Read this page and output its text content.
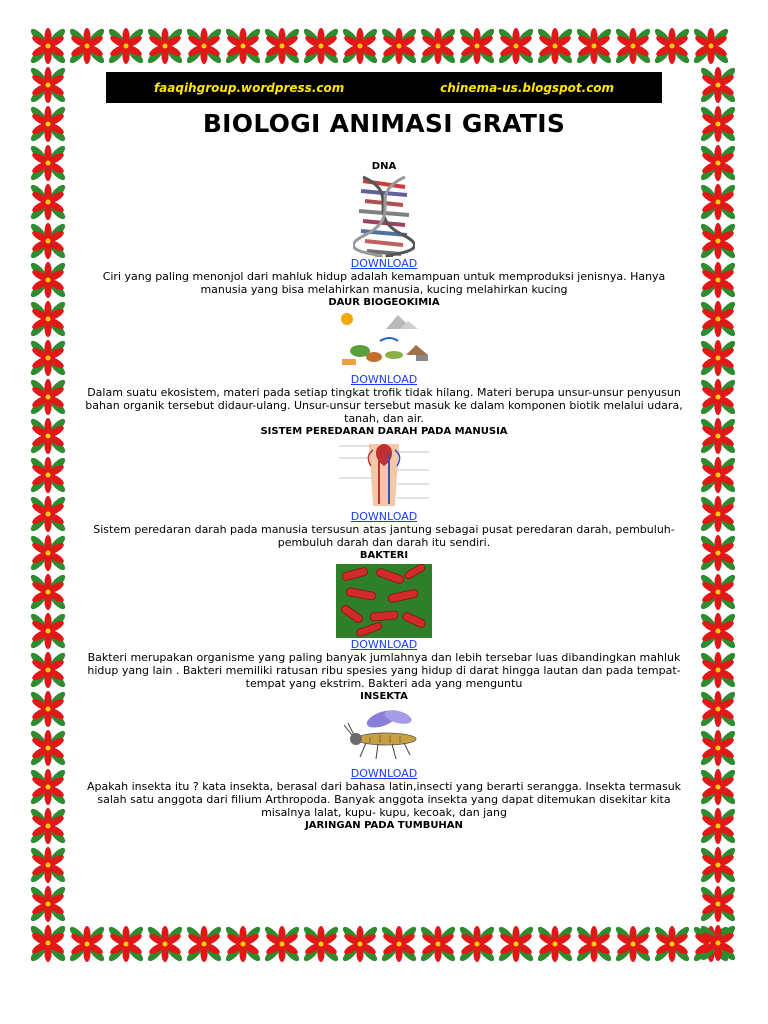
faaqihgroup.wordpress.com	chinema-us.blogspot.com
BIOLOGI ANIMASI GRATIS
DNA
DOWNLOAD

Ciri yang paling menonjol dari mahluk hidup adalah kemampuan untuk memproduksi jenisnya. Hanya manusia yang bisa melahirkan manusia, kucing melahirkan kucing

DAUR BIOGEOKIMIA
DOWNLOAD

Dalam suatu ekosistem, materi pada setiap tingkat trofik tidak hilang. Materi berupa unsur-unsur penyusun bahan organik tersebut didaur-ulang. Unsur-unsur tersebut masuk ke dalam komponen biotik melalui udara, tanah, dan air.

SISTEM PEREDARAN DARAH PADA MANUSIA
DOWNLOAD

Sistem peredaran darah pada manusia tersusun atas jantung sebagai pusat peredaran darah, pembuluh-pembuluh darah dan darah itu sendiri.

BAKTERI
DOWNLOAD

Bakteri merupakan organisme yang paling banyak jumlahnya dan lebih tersebar luas dibandingkan mahluk hidup yang lain . Bakteri memiliki ratusan ribu spesies yang hidup di darat hingga lautan dan pada tempat-tempat yang ekstrim. Bakteri ada yang menguntu

INSEKTA
DOWNLOAD

Apakah insekta itu ? kata insekta, berasal dari bahasa latin,insecti yang berarti serangga. Insekta termasuk salah satu anggota dari filium Arthropoda. Banyak anggota insekta yang dapat ditemukan disekitar kita misalnya lalat, kupu- kupu, kecoak, dan jang

JARINGAN PADA TUMBUHAN
